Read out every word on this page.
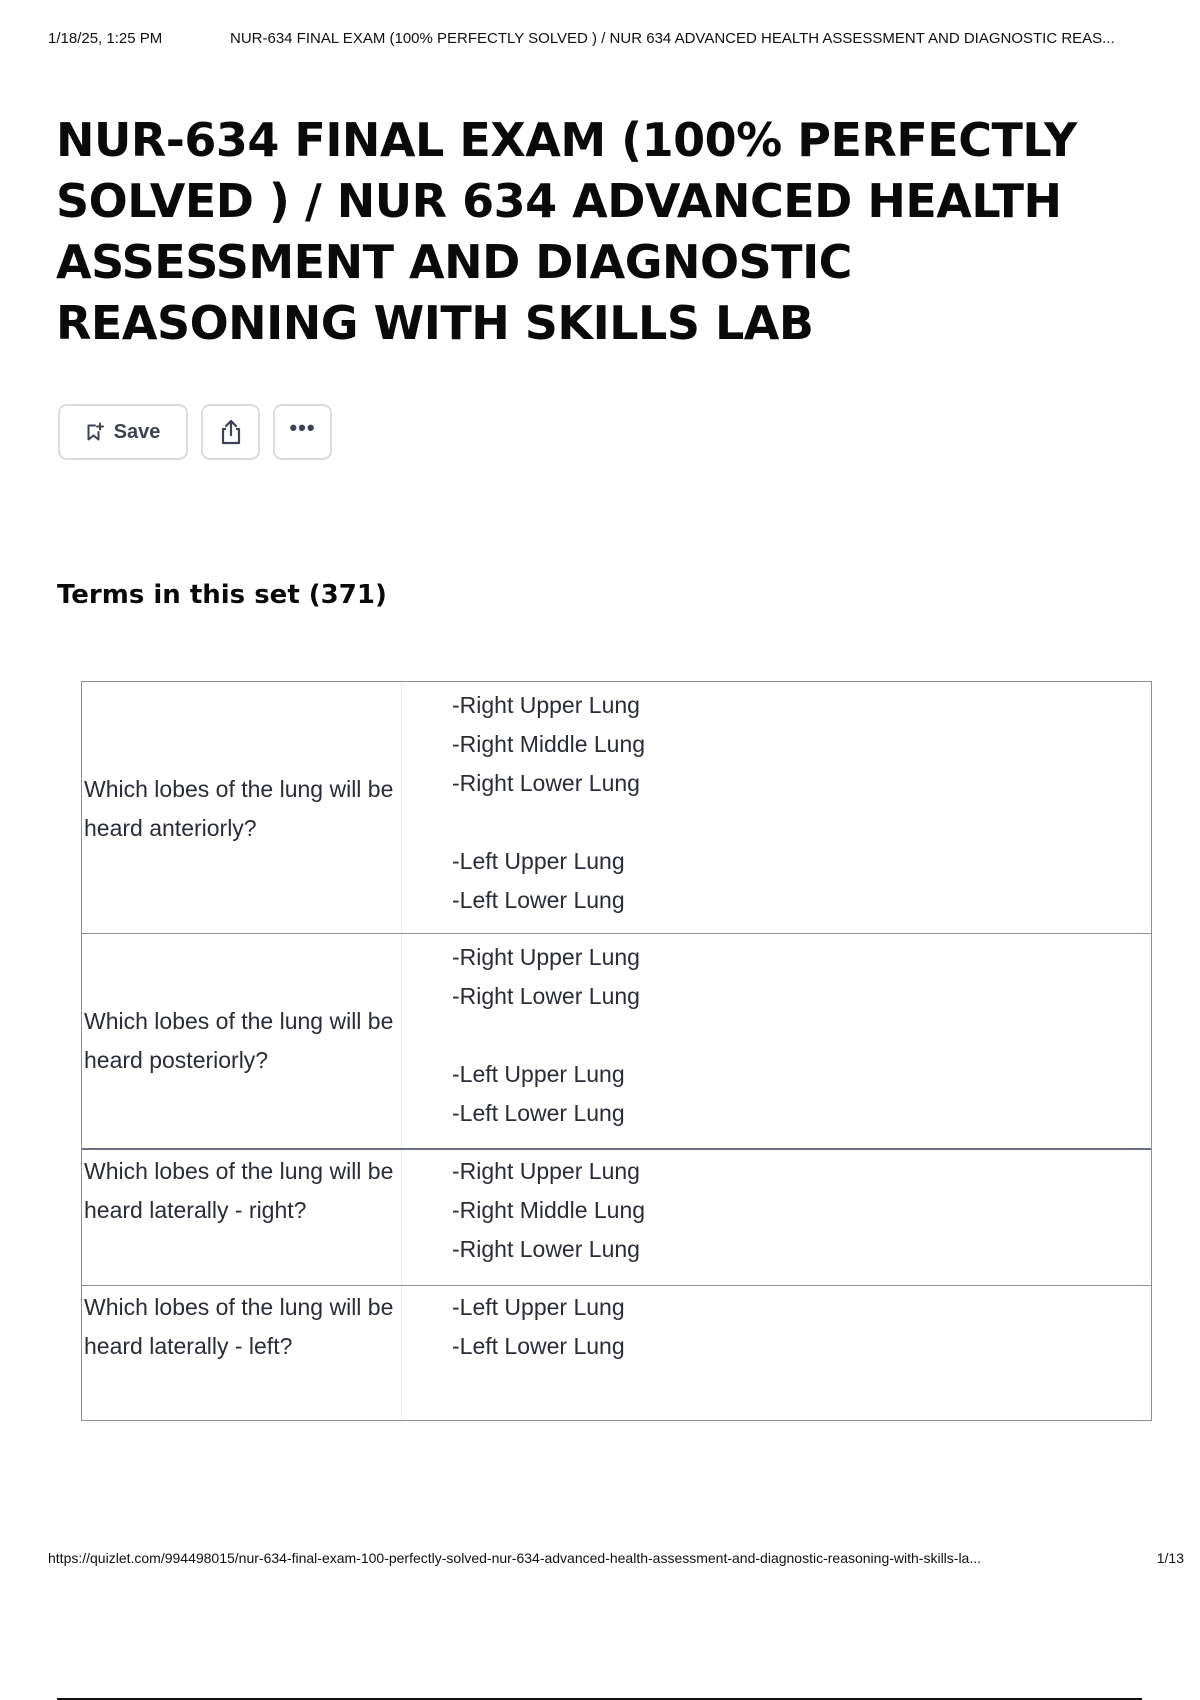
1/18/25, 1:25 PM	NUR-634 FINAL EXAM (100% PERFECTLY SOLVED ) / NUR 634 ADVANCED HEALTH ASSESSMENT AND DIAGNOSTIC REAS...
NUR-634 FINAL EXAM (100% PERFECTLY SOLVED ) / NUR 634 ADVANCED HEALTH ASSESSMENT AND DIAGNOSTIC REASONING WITH SKILLS LAB
Save	•••
Terms in this set (371)
Which lobes of the lung will be heard anteriorly?
-Right Upper Lung
-Right Middle Lung
-Right Lower Lung
-Left Upper Lung
-Left Lower Lung
Which lobes of the lung will be heard posteriorly?
-Right Upper Lung
-Right Lower Lung
-Left Upper Lung
-Left Lower Lung
Which lobes of the lung will be heard laterally - right?
-Right Upper Lung
-Right Middle Lung
-Right Lower Lung
Which lobes of the lung will be heard laterally - left?
-Left Upper Lung
-Left Lower Lung
https://quizlet.com/994498015/nur-634-final-exam-100-perfectly-solved-nur-634-advanced-health-assessment-and-diagnostic-reasoning-with-skills-la...	1/13
